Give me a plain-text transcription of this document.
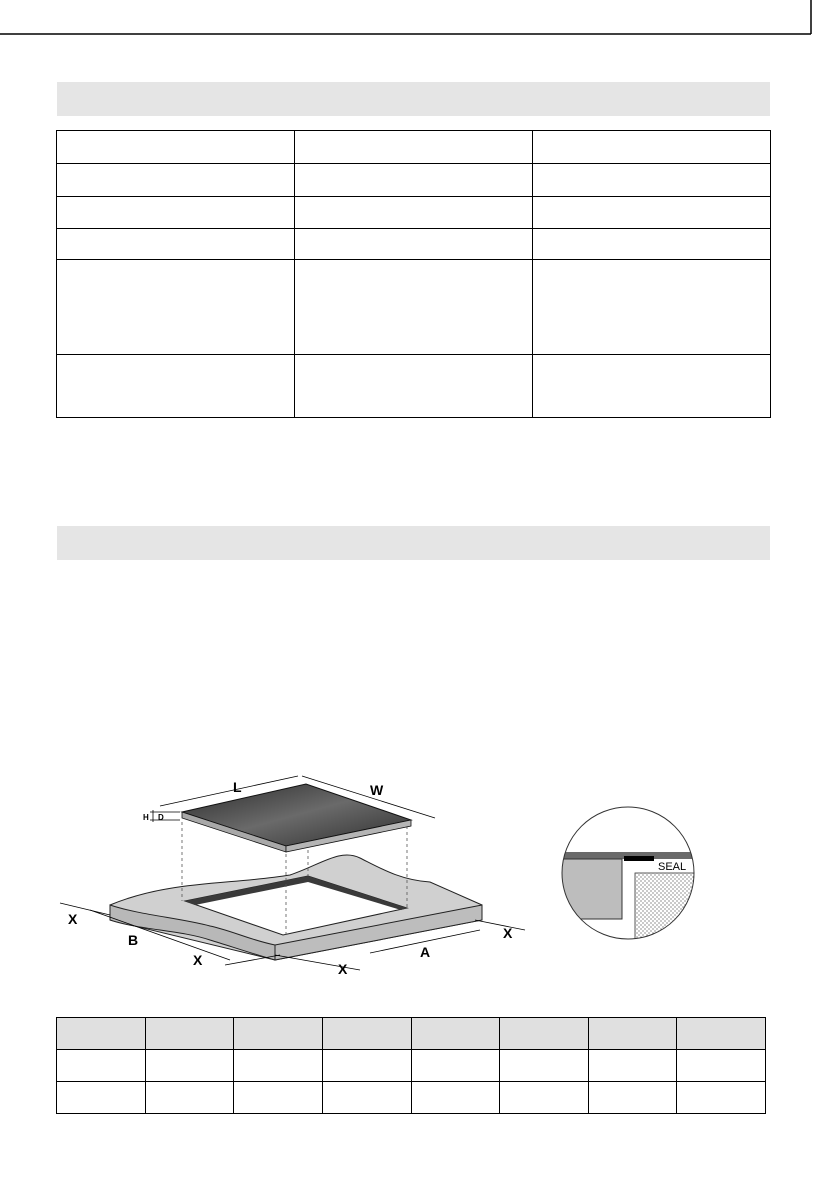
L	W
H D
A
B
X
X
X
X
SEAL
